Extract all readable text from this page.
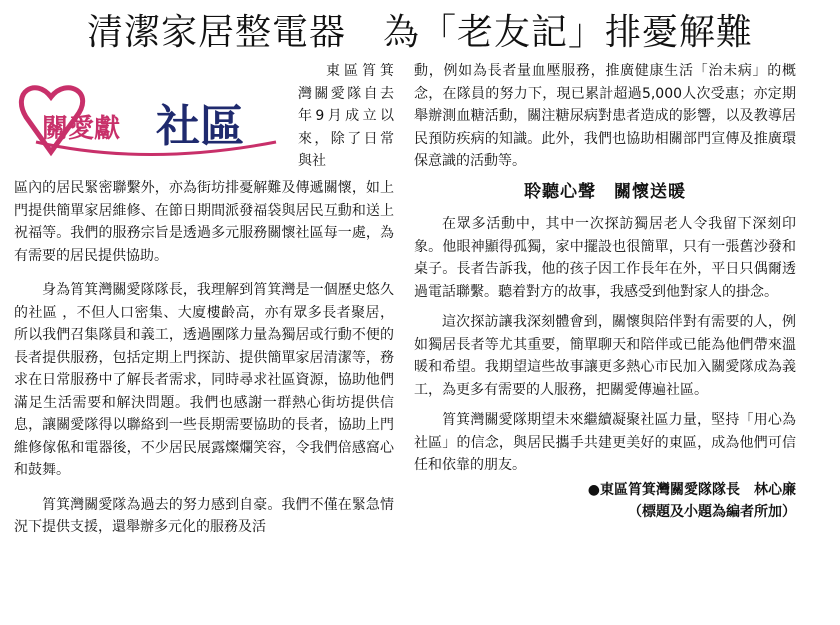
清潔家居整電器　為「老友記」排憂解難
關愛獻 社區

東區筲箕灣關愛隊自去年9月成立以來，除了日常與社

區內的居民緊密聯繫外，亦為街坊排憂解難及傳遞關懷，如上門提供簡單家居維修、在節日期間派發福袋與居民互動和送上祝福等。我們的服務宗旨是透過多元服務關懷社區每一處，為有需要的居民提供協助。

身為筲箕灣關愛隊隊長，我理解到筲箕灣是一個歷史悠久的社區 ，不但人口密集、大廈樓齡高，亦有眾多長者聚居，所以我們召集隊員和義工，透過團隊力量為獨居或行動不便的長者提供服務，包括定期上門探訪、提供簡單家居清潔等，務求在日常服務中了解長者需求，同時尋求社區資源，協助他們滿足生活需要和解決問題。我們也感謝一群熱心街坊提供信息，讓關愛隊得以聯絡到一些長期需要協助的長者，協助上門維修傢俬和電器後，不少居民展露燦爛笑容，令我們倍感窩心和鼓舞。

筲箕灣關愛隊為過去的努力感到自豪。我們不僅在緊急情況下提供支援，還舉辦多元化的服務及活

動，例如為長者量血壓服務，推廣健康生活「治未病」的概念，在隊員的努力下，現已累計超過5,000人次受惠；亦定期舉辦測血糖活動，關注糖尿病對患者造成的影響，以及教導居民預防疾病的知識。此外，我們也協助相關部門宣傳及推廣環保意識的活動等。

聆聽心聲　關懷送暖

在眾多活動中，其中一次探訪獨居老人令我留下深刻印象。他眼神顯得孤獨，家中擺設也很簡單，只有一張舊沙發和桌子。長者告訴我，他的孩子因工作長年在外，平日只偶爾透過電話聯繫。聽着對方的故事，我感受到他對家人的掛念。

這次探訪讓我深刻體會到，關懷與陪伴對有需要的人，例如獨居長者等尤其重要，簡單聊天和陪伴或已能為他們帶來溫暖和希望。我期望這些故事讓更多熱心市民加入關愛隊成為義工，為更多有需要的人服務，把關愛傳遍社區。

筲箕灣關愛隊期望未來繼續凝聚社區力量，堅持「用心為社區」的信念，與居民攜手共建更美好的東區，成為他們可信任和依靠的朋友。

●東區筲箕灣關愛隊隊長　林心廉
（標題及小題為編者所加）
